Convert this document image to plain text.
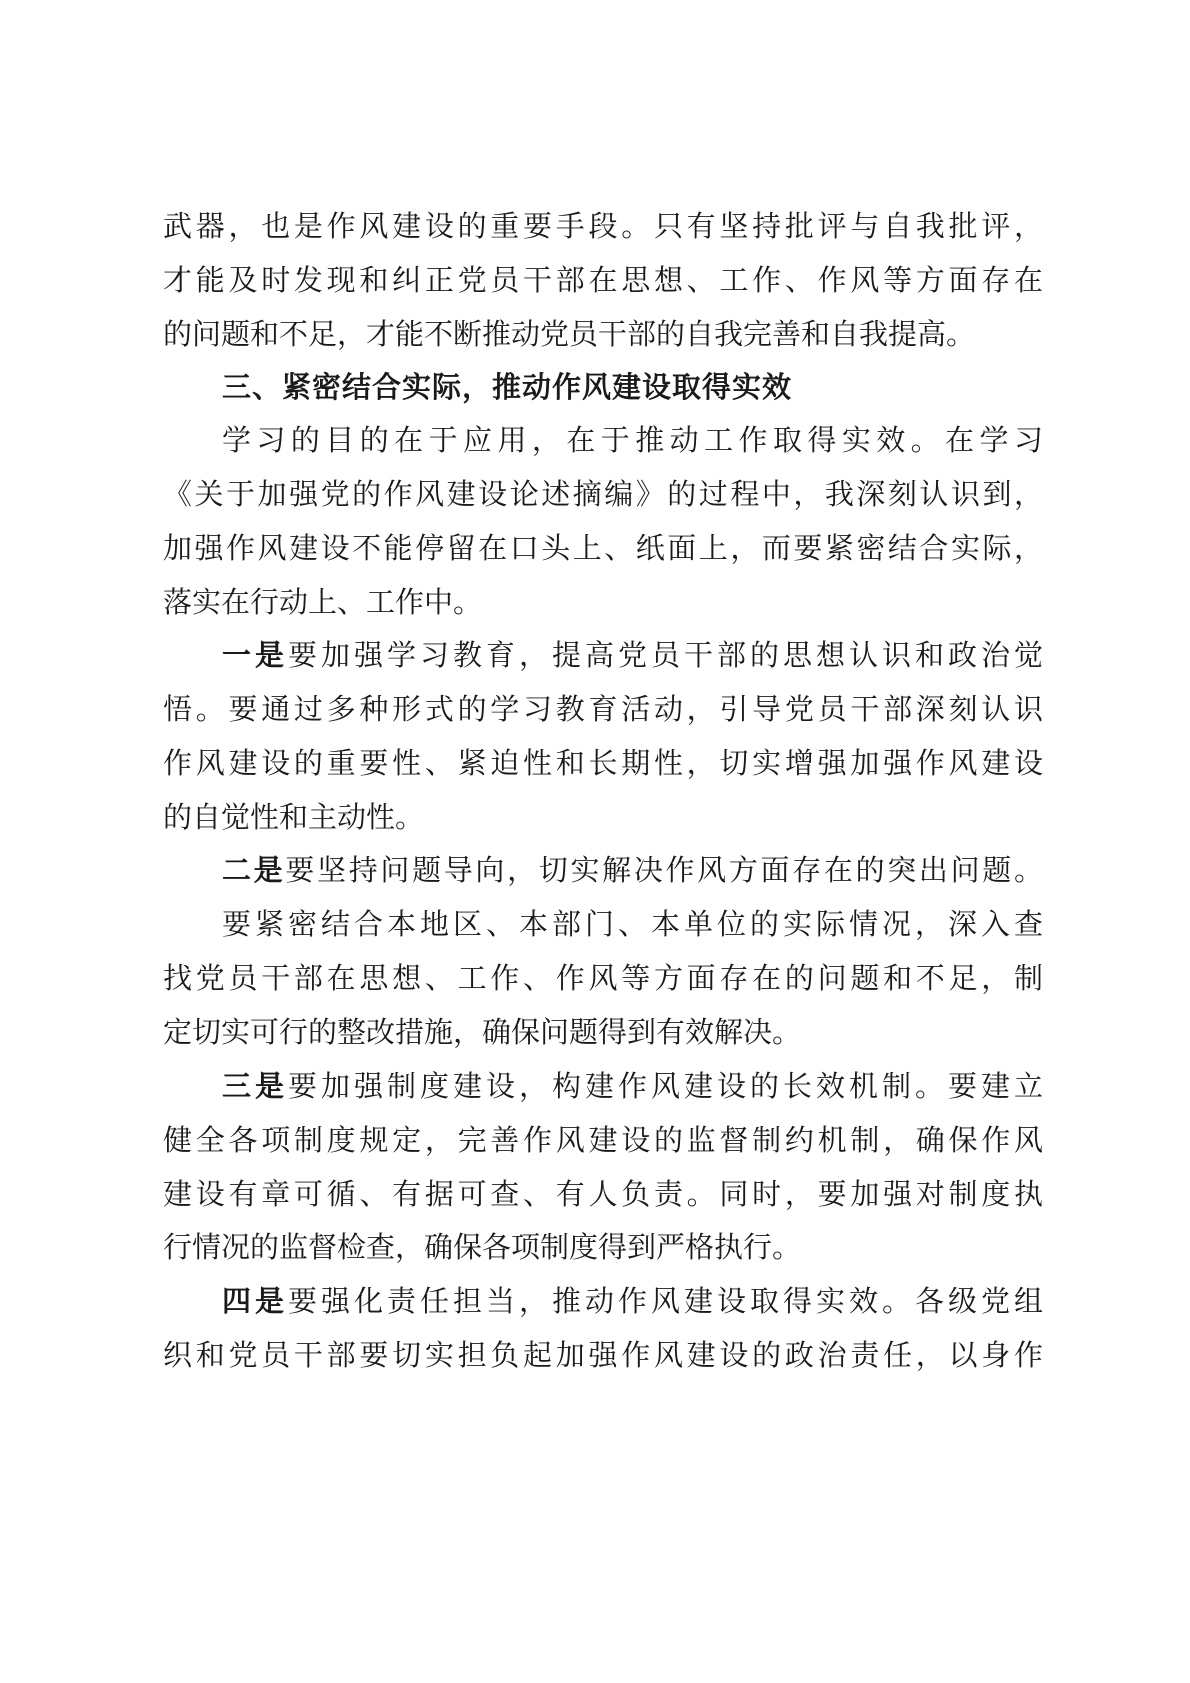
武器，也是作风建设的重要手段。只有坚持批评与自我批评，
才能及时发现和纠正党员干部在思想、工作、作风等方面存在
的问题和不足，才能不断推动党员干部的自我完善和自我提高。
三、紧密结合实际，推动作风建设取得实效
学习的目的在于应用，在于推动工作取得实效。在学习
《关于加强党的作风建设论述摘编》的过程中，我深刻认识到，
加强作风建设不能停留在口头上、纸面上，而要紧密结合实际，
落实在行动上、工作中。
一是要加强学习教育，提高党员干部的思想认识和政治觉
悟。要通过多种形式的学习教育活动，引导党员干部深刻认识
作风建设的重要性、紧迫性和长期性，切实增强加强作风建设
的自觉性和主动性。
二是要坚持问题导向，切实解决作风方面存在的突出问题。
要紧密结合本地区、本部门、本单位的实际情况，深入查
找党员干部在思想、工作、作风等方面存在的问题和不足，制
定切实可行的整改措施，确保问题得到有效解决。
三是要加强制度建设，构建作风建设的长效机制。要建立
健全各项制度规定，完善作风建设的监督制约机制，确保作风
建设有章可循、有据可查、有人负责。同时，要加强对制度执
行情况的监督检查，确保各项制度得到严格执行。
四是要强化责任担当，推动作风建设取得实效。各级党组
织和党员干部要切实担负起加强作风建设的政治责任，以身作
